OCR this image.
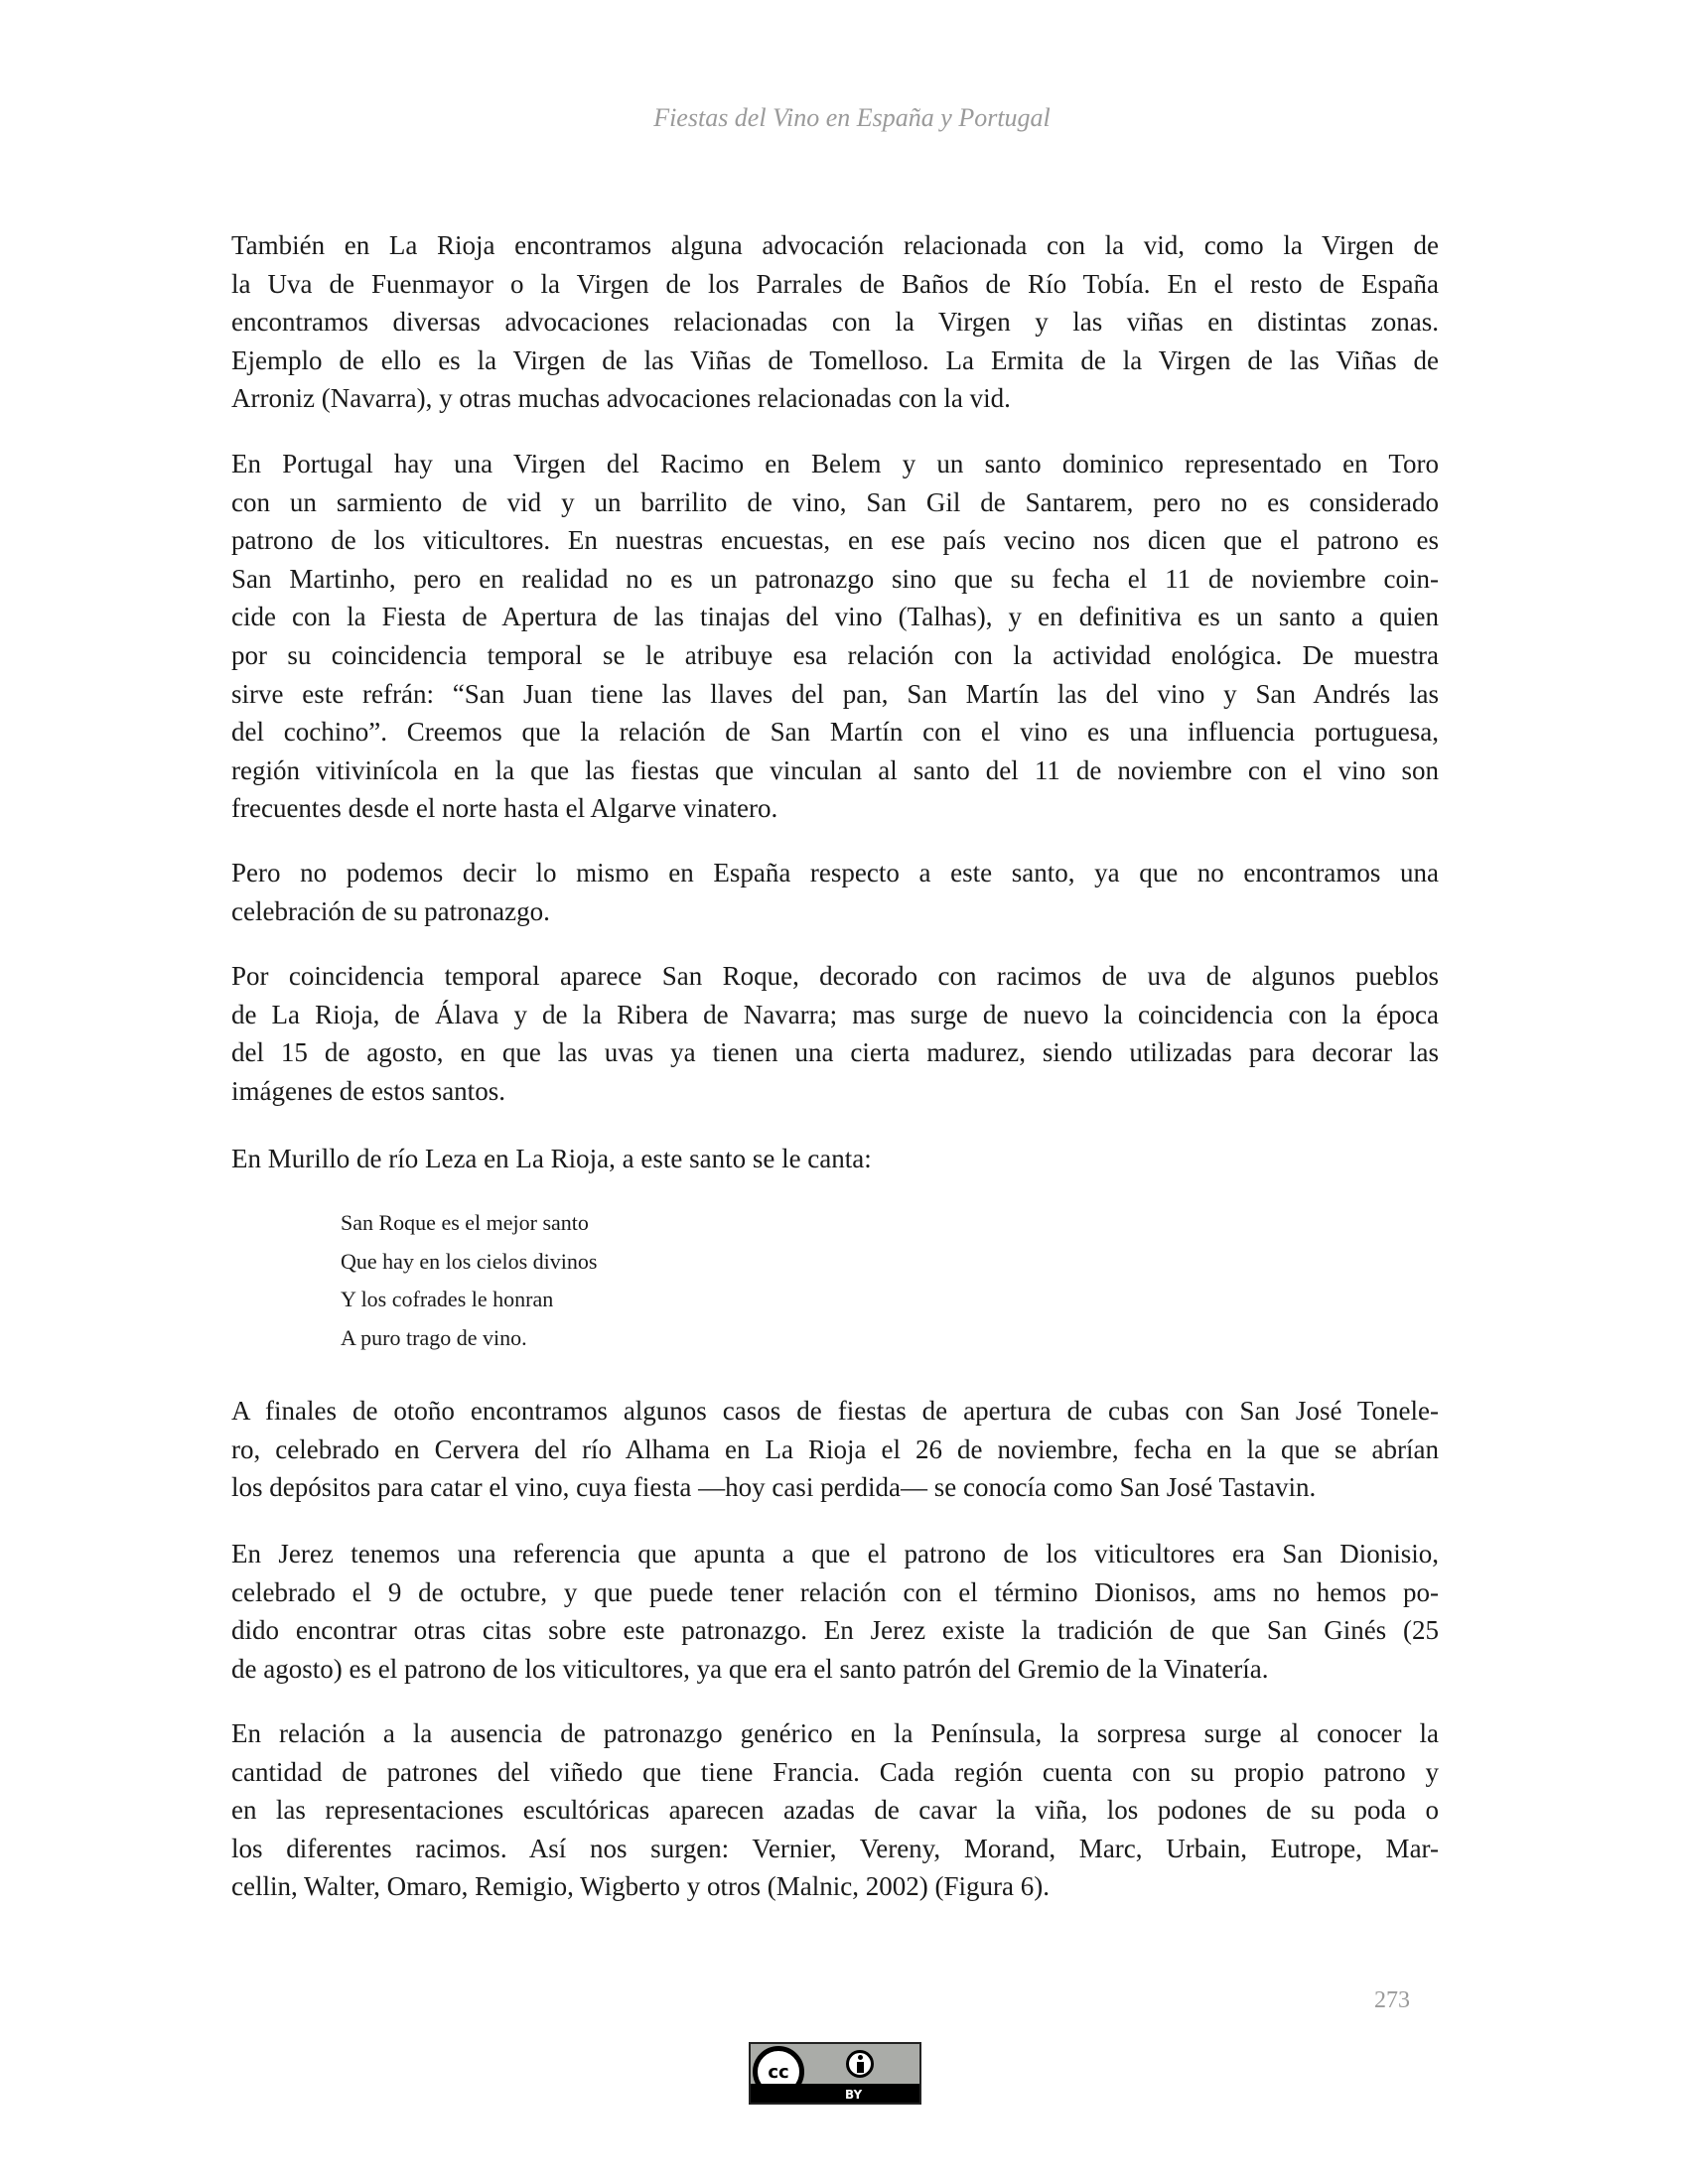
Fiestas del Vino en España y Portugal
También en La Rioja encontramos alguna advocación relacionada con la vid, como la Virgen de
la Uva de Fuenmayor o la Virgen de los Parrales de Baños de Río Tobía. En el resto de España
encontramos diversas advocaciones relacionadas con la Virgen y las viñas en distintas zonas.
Ejemplo de ello es la Virgen de las Viñas de Tomelloso. La Ermita de la Virgen de las Viñas de
Arroniz (Navarra), y otras muchas advocaciones relacionadas con la vid.
En Portugal hay una Virgen del Racimo en Belem y un santo dominico representado en Toro
con un sarmiento de vid y un barrilito de vino, San Gil de Santarem, pero no es considerado
patrono de los viticultores. En nuestras encuestas, en ese país vecino nos dicen que el patrono es
San Martinho, pero en realidad no es un patronazgo sino que su fecha el 11 de noviembre coin-
cide con la Fiesta de Apertura de las tinajas del vino (Talhas), y en definitiva es un santo a quien
por su coincidencia temporal se le atribuye esa relación con la actividad enológica. De muestra
sirve este refrán: “San Juan tiene las llaves del pan, San Martín las del vino y San Andrés las
del cochino”. Creemos que la relación de San Martín con el vino es una influencia portuguesa,
región vitivinícola en la que las fiestas que vinculan al santo del 11 de noviembre con el vino son
frecuentes desde el norte hasta el Algarve vinatero.
Pero no podemos decir lo mismo en España respecto a este santo, ya que no encontramos una
celebración de su patronazgo.
Por coincidencia temporal aparece San Roque, decorado con racimos de uva de algunos pueblos
de La Rioja, de Álava y de la Ribera de Navarra; mas surge de nuevo la coincidencia con la época
del 15 de agosto, en que las uvas ya tienen una cierta madurez, siendo utilizadas para decorar las
imágenes de estos santos.
En Murillo de río Leza en La Rioja, a este santo se le canta:
San Roque es el mejor santo
Que hay en los cielos divinos
Y los cofrades le honran
A puro trago de vino.
A finales de otoño encontramos algunos casos de fiestas de apertura de cubas con San José Tonele-
ro, celebrado en Cervera del río Alhama en La Rioja el 26 de noviembre, fecha en la que se abrían
los depósitos para catar el vino, cuya fiesta —hoy casi perdida— se conocía como San José Tastavin.
En Jerez tenemos una referencia que apunta a que el patrono de los viticultores era San Dionisio,
celebrado el 9 de octubre, y que puede tener relación con el término Dionisos, ams no hemos po-
dido encontrar otras citas sobre este patronazgo. En Jerez existe la tradición de que San Ginés (25
de agosto) es el patrono de los viticultores, ya que era el santo patrón del Gremio de la Vinatería.
En relación a la ausencia de patronazgo genérico en la Península, la sorpresa surge al conocer la
cantidad de patrones del viñedo que tiene Francia. Cada región cuenta con su propio patrono y
en las representaciones escultóricas aparecen azadas de cavar la viña, los podones de su poda o
los diferentes racimos. Así nos surgen: Vernier, Vereny, Morand, Marc, Urbain, Eutrope, Mar-
cellin, Walter, Omaro, Remigio, Wigberto y otros (Malnic, 2002) (Figura 6).
273
cc
BY
